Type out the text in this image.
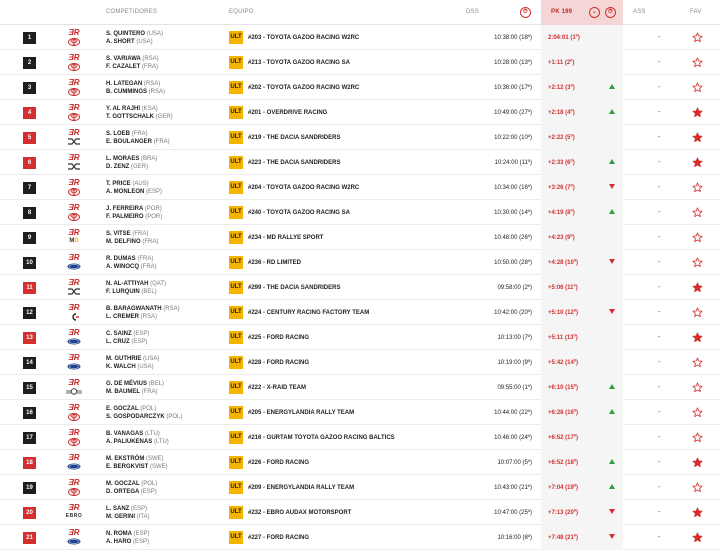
COMPETIDORES	EQUIPO	DSS	⏱	PK 199	⌄	⏱	ASS	FAV
1
ƎR	S. QUINTERO (USA)
A. SHORT (USA)
ULT #203 - TOYOTA GAZOO RACING W2RC	10:38:00 (18º)	2:04:01 (1º)	-
2
ƎR	S. VARIAWA (RSA)
F. CAZALET (FRA)
ULT #213 - TOYOTA GAZOO RACING SA	10:28:00 (13º)	+1:11 (2º)	-
3
ƎR	H. LATEGAN (RSA)
B. CUMMINGS (RSA)
ULT #202 - TOYOTA GAZOO RACING W2RC	10:36:00 (17º)	+2:12 (3º)	-
4
ƎR	Y. AL RAJHI (KSA)
T. GOTTSCHALK (GER)
ULT #201 - OVERDRIVE RACING	10:49:00 (27º)	+2:18 (4º)	-
5
ƎR	S. LOEB (FRA)
E. BOULANGER (FRA)
ULT #219 - THE DACIA SANDRIDERS	10:22:00 (10º)	+2:22 (5º)	-
6
ƎR	L. MORAES (BRA)
D. ZENZ (GER)
ULT #223 - THE DACIA SANDRIDERS	10:24:00 (11º)	+2:33 (6º)	-
7
ƎR	T. PRICE (AUS)
A. MONLEON (ESP)
ULT #204 - TOYOTA GAZOO RACING W2RC	10:34:00 (16º)	+3:26 (7º)	-
8
ƎR	J. FERREIRA (POR)
F. PALMEIRO (POR)
ULT #240 - TOYOTA GAZOO RACING SA	10:30:00 (14º)	+4:19 (8º)	-
9
ƎR
MD
S. VITSE (FRA)
M. DELFINO (FRA)
ULT #234 - MD RALLYE SPORT	10:48:00 (26º)	+4:23 (9º)	-
10
ƎR	R. DUMAS (FRA)
A. WINOCQ (FRA)
ULT #236 - RD LIMITED	10:50:00 (28º)	+4:28 (10º)	-
11
ƎR	N. AL-ATTIYAH (QAT)
F. LURQUIN (BEL)
ULT #299 - THE DACIA SANDRIDERS	09:58:00 (2º)	+5:06 (11º)	-
12
ƎR	B. BARAGWANATH (RSA)
L. CREMER (RSA)
ULT #224 - CENTURY RACING FACTORY TEAM	10:42:00 (20º)	+5:10 (12º)	-
13
ƎR	C. SAINZ (ESP)
L. CRUZ (ESP)
ULT #225 - FORD RACING	10:13:00 (7º)	+5:11 (13º)	-
14
ƎR	M. GUTHRIE (USA)
K. WALCH (USA)
ULT #228 - FORD RACING	10:19:00 (9º)	+5:42 (14º)	-
15
ƎR	G. DE MÉVIUS (BEL)
M. BAUMEL (FRA)
ULT #222 - X-RAID TEAM	09:55:00 (1º)	+6:10 (15º)	-
16
ƎR	E. GOCZAL (POL)
S. GOSPODARCZYK (POL)
ULT #205 - ENERGYLANDIA RALLY TEAM	10:44:00 (22º)	+6:28 (16º)	-
17
ƎR	B. VANAGAS (LTU)
A. PALIUKENAS (LTU)
ULT #216 - GURTAM TOYOTA GAZOO RACING BALTICS	10:46:00 (24º)	+6:52 (17º)	-
18
ƎR	M. EKSTRÖM (SWE)
E. BERGKVIST (SWE)
ULT #226 - FORD RACING	10:07:00 (5º)	+6:52 (18º)	-
19
ƎR	M. GOCZAL (POL)
D. ORTEGA (ESP)
ULT #209 - ENERGYLANDIA RALLY TEAM	10:43:00 (21º)	+7:04 (19º)	-
20
ƎR
EBRO
L. SANZ (ESP)
M. GERINI (ITA)
ULT #232 - EBRO AUDAX MOTORSPORT	10:47:00 (25º)	+7:13 (20º)	-
21
ƎR	N. ROMA (ESP)
A. HARO (ESP)
ULT #227 - FORD RACING	10:16:00 (8º)	+7:48 (21º)	-
